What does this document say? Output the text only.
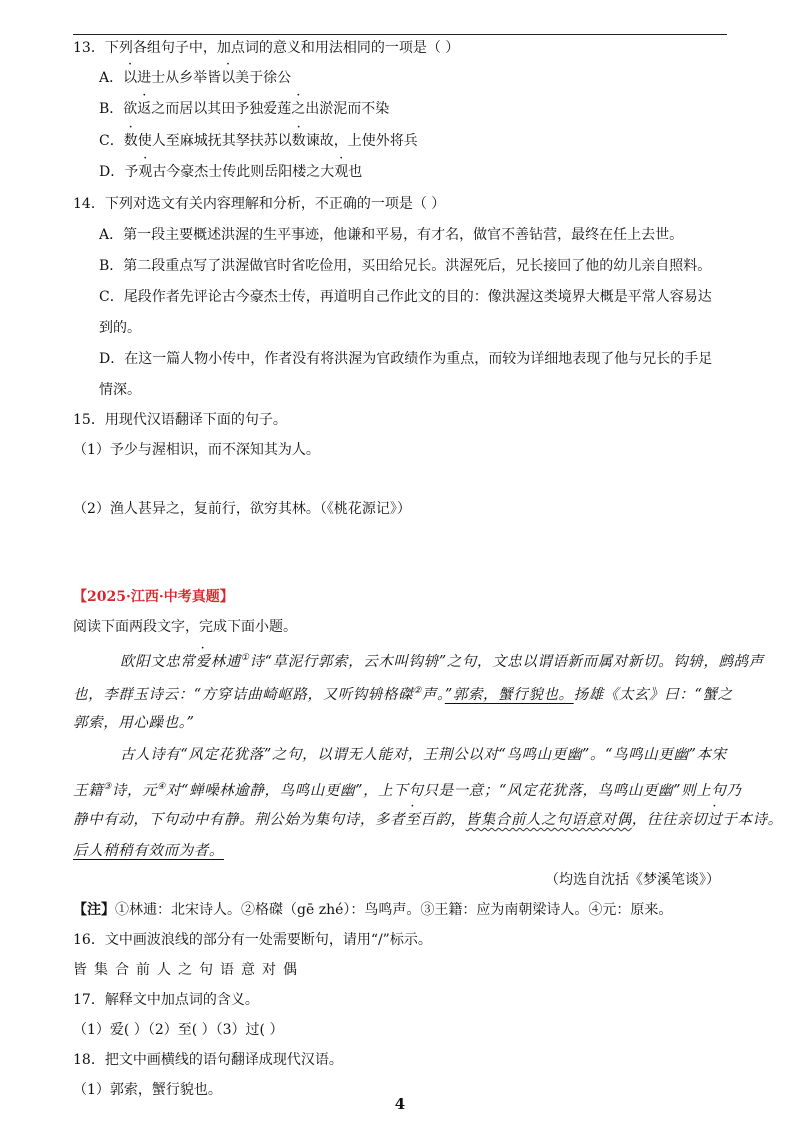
13．下列各组句子中，加点词的意义和用法相同的一项是（ ）
A．以进士从乡举皆以美于徐公
B．欲返之而居以其田予独爱莲之出淤泥而不染
C．数使人至麻城抚其孥扶苏以数谏故，上使外将兵
D．予观古今豪杰士传此则岳阳楼之大观也
14．下列对选文有关内容理解和分析，不正确的一项是（ ）
A．第一段主要概述洪渥的生平事迹，他谦和平易，有才名，做官不善钻营，最终在任上去世。
B．第二段重点写了洪渥做官时省吃俭用，买田给兄长。洪渥死后，兄长接回了他的幼儿亲自照料。
C．尾段作者先评论古今豪杰士传，再道明自己作此文的目的：像洪渥这类境界大概是平常人容易达
到的。
D．在这一篇人物小传中，作者没有将洪渥为官政绩作为重点，而较为详细地表现了他与兄长的手足
情深。
15．用现代汉语翻译下面的句子。
（1）予少与渥相识，而不深知其为人。
（2）渔人甚异之，复前行，欲穷其林。（《桃花源记》）
【2025·江西·中考真题】
阅读下面两段文字，完成下面小题。
欧阳文忠常爱林逋①诗“草泥行郭索，云木叫钩辀”之句，文忠以谓语新而属对新切。钩辀，鹧鸪声
也，李群玉诗云：“方穿诘曲崎岖路，又听钩辀格磔②声。”郭索，蟹行貌也。扬雄《太玄》曰：“蟹之
郭索，用心躁也。”
古人诗有“风定花犹落”之句，以谓无人能对，王荆公以对“鸟鸣山更幽”。“鸟鸣山更幽”本宋
王籍③诗，元④对“蝉噪林逾静，鸟鸣山更幽”，上下句只是一意；“风定花犹落，鸟鸣山更幽”则上句乃
静中有动，下句动中有静。荆公始为集句诗，多者至百韵，皆集合前人之句语意对偶，往往亲切过于本诗。
后人稍稍有效而为者。
（均选自沈括《梦溪笔谈》）
【注】①林逋：北宋诗人。②格磔（gē zhé）：鸟鸣声。③王籍：应为南朝梁诗人。④元：原来。
16．文中画波浪线的部分有一处需要断句，请用“/”标示。
皆集合前人之句语意对偶
17．解释文中加点词的含义。
（1）爱( ）（2）至( ）（3）过( ）
18．把文中画横线的语句翻译成现代汉语。
（1）郭索，蟹行貌也。
4
